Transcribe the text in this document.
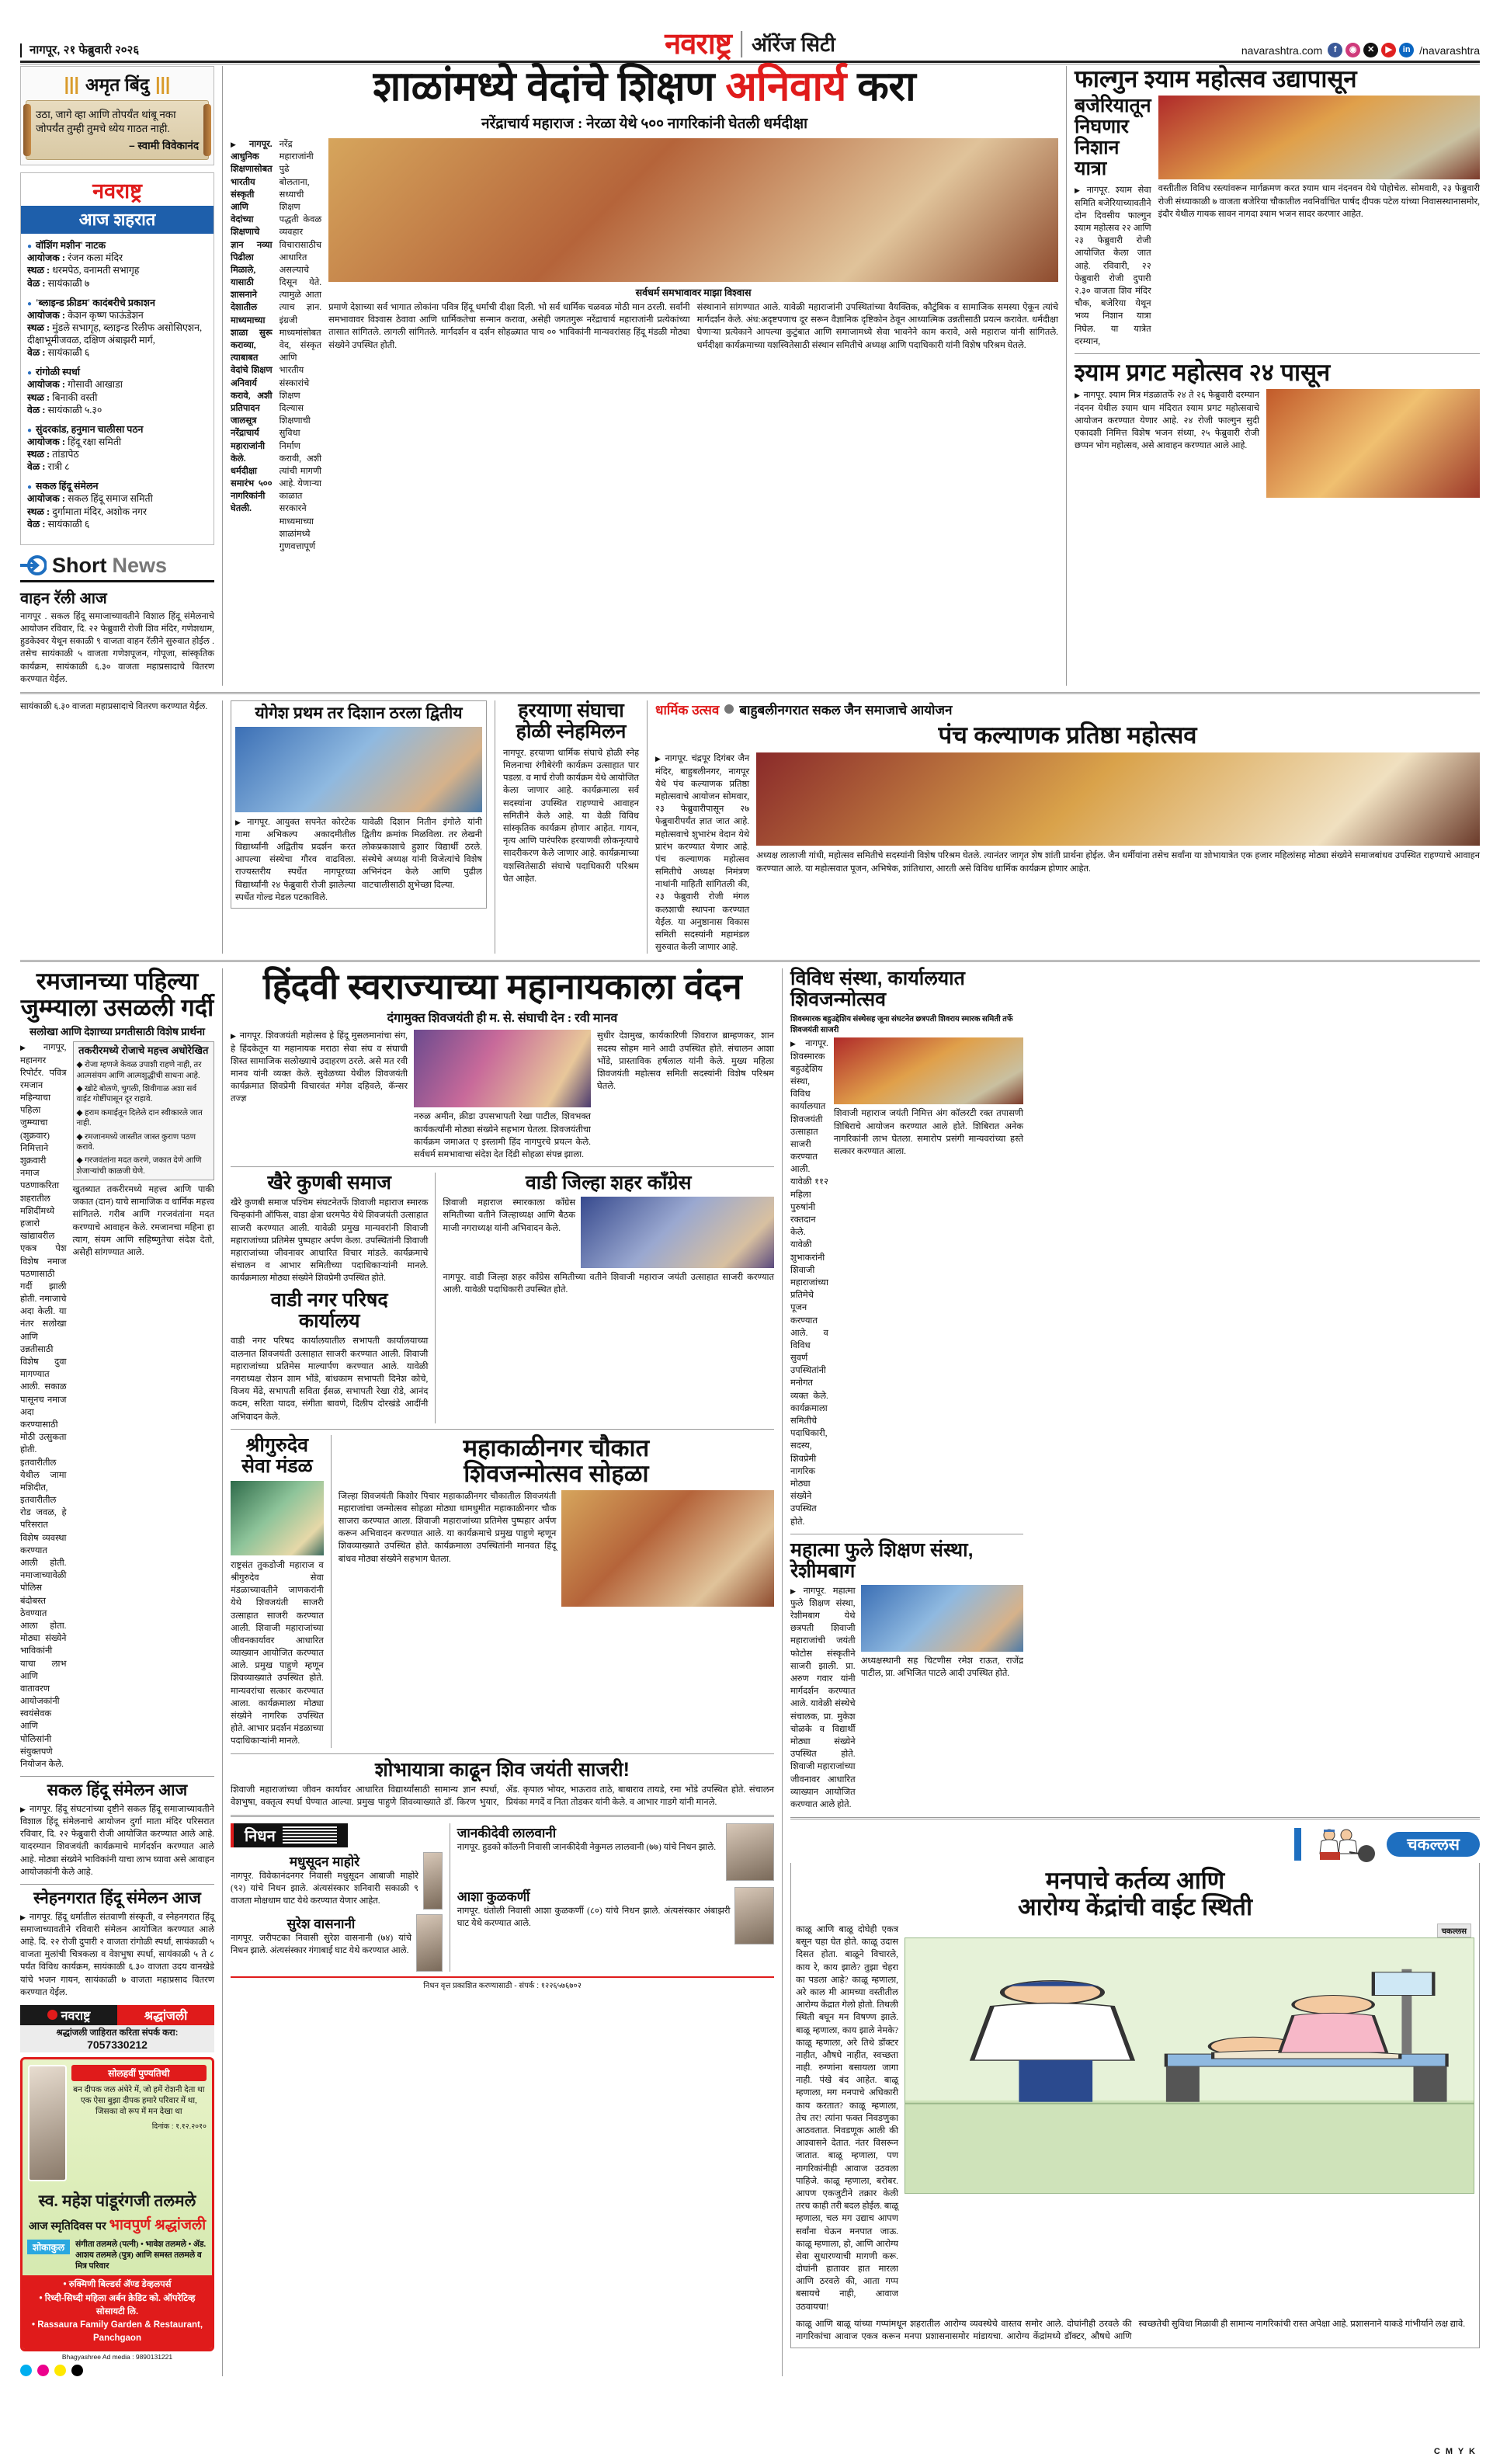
नागपूर, २१ फेब्रुवारी २०२६	नवराष्ट्र ऑरेंज सिटी	navarashtra.com	f	◉	✕	▶	in /navarashtra
||| अमृत बिंदु |||

उठा, जागे व्हा आणि तोपर्यंत थांबू नका जोपर्यंत तुम्ही तुमचे ध्येय गाठत नाही.

– स्वामी विवेकानंद
नवराष्ट्र
आज शहरात
● वॉशिंग मशीन' नाटक
आयोजक : रंजन कला मंदिर
स्थळ : धरमपेठ, वनामती सभागृह
वेळ : सायंकाळी ७
● 'ब्लाइन्ड फ्रीडम' कादंबरीचे प्रकाशन
आयोजक : केशन कृष्ण फाऊंडेशन
स्थळ : मुंडले सभागृह, ब्लाइन्ड रिलीफ असोसिएशन, दीक्षाभूमीजवळ, दक्षिण अंबाझरी मार्ग,
वेळ : सायंकाळी ६
● रांगोळी स्पर्धा
आयोजक : गोसावी आखाडा
स्थळ : बिनाकी वस्ती
वेळ : सायंकाळी ५.३०
● सुंदरकांड, हनुमान चालीसा पठन
आयोजक : हिंदू रक्षा समिती
स्थळ : तांडापेठ
वेळ : रात्री ८
● सकल हिंदू संमेलन
आयोजक : सकल हिंदू समाज समिती
स्थळ : दुर्गामाता मंदिर, अशोक नगर
वेळ : सायंकाळी ६
Short News
वाहन रॅली आज
नागपूर . सकल हिंदू समाजाच्यावतीने विशाल हिंदू संमेलनाचे आयोजन रविवार, दि. २२ फेब्रुवारी रोजी शिव मंदिर, गणेशधाम, हुडकेश्वर येथून सकाळी ९ वाजता वाहन रॅलीने सुरुवात होईल . तसेच सायंकाळी ५ वाजता गणेशपूजन, गोपूजा, सांस्कृतिक कार्यक्रम, सायंकाळी ६.३० वाजता महाप्रसादाचे वितरण करण्यात येईल.
शाळांमध्ये वेदांचे शिक्षण अनिवार्य करा
नरेंद्राचार्य महाराज : नेरळा येथे ५०० नागरिकांनी घेतली धर्मदीक्षा

▶ नागपूर. आधुनिक शिक्षणासोबत भारतीय संस्कृती आणि वेदांच्या शिक्षणाचे ज्ञान नव्या पिढीला मिळाले, यासाठी शासनाने देशातील माध्यमाच्या शाळा सुरू कराव्या, त्याबाबत वेदांचे शिक्षण अनिवार्य करावे, अशी प्रतिपादन जालसूत्र नरेंद्राचार्य महाराजांनी केले. धर्मदीक्षा समारंभ ५०० नागरिकांनी घेतली.

नरेंद्र महाराजांनी पुढे बोलताना, सध्याची शिक्षण पद्धती केवळ व्यवहार विचारासाठीच आधारित असल्याचे दिसून येते. त्यामुळे आता त्याच ज्ञान. इंग्रजी माध्यमांसोबत वेद, संस्कृत आणि भारतीय संस्कारांचे शिक्षण दिल्यास शिक्षणाची सुविधा निर्माण करावी, अशी त्यांची मागणी आहे. येणाऱ्या काळात सरकारने माध्यमाच्या शाळांमध्ये गुणवत्तापूर्ण
सर्वधर्म समभावावर माझा विश्वास
प्रमाणे देशाच्या सर्व भागात लोकांना पवित्र हिंदू धर्माची दीक्षा दिली. भो सर्व धार्मिक चळवळ मोठी मान ठरली. सर्वांनी समभावावर विश्वास ठेवावा आणि धार्मिकतेचा सन्मान करावा, असेही जगतगुरू नरेंद्राचार्य महाराजांनी प्रत्येकांच्या तासात सांगितले. लागली सांगितले. मार्गदर्शन व दर्शन सोहळ्यात पाच ०० भाविकांनी मान्यवरांसह हिंदू मंडळी मोठ्या संख्येने उपस्थित होती.
संस्थानाने सांगण्यात आले. यावेळी महाराजांनी उपस्थितांच्या वैयक्तिक, कौटुंबिक व सामाजिक समस्या ऐकून त्यांचे मार्गदर्शन केले. अंध:अदृष्टपणाच दूर सरून वैज्ञानिक दृष्टिकोन ठेवून आध्यात्मिक उन्नतीसाठी प्रयत्न करावेत. धर्मदीक्षा घेणाऱ्या प्रत्येकाने आपल्या कुटुंबात आणि समाजामध्ये सेवा भावनेने काम करावे, असे महाराज यांनी सांगितले. धर्मदीक्षा कार्यक्रमाच्या यशस्वितेसाठी संस्थान समितीचे अध्यक्ष आणि पदाधिकारी यांनी विशेष परिश्रम घेतले.
फाल्गुन श्याम महोत्सव उद्यापासून
बजेरियातून निघणार
निशान यात्रा
▶ नागपूर. श्याम सेवा समिति बजेरियाच्यावतीने दोन दिवसीय फाल्गुन श्याम महोत्सव २२ आणि २३ फेब्रुवारी रोजी आयोजित केला जात आहे. रविवारी, २२ फेब्रुवारी रोजी दुपारी २.३० वाजता शिव मंदिर चौक, बजेरिया येथून भव्य निशान यात्रा निघेल. या यात्रेत दरम्यान,
वस्तीतील विविध रस्त्यांवरून मार्गक्रमण करत श्याम धाम नंदनवन येथे पोहोचेल. सोमवारी, २३ फेब्रुवारी रोजी संध्याकाळी ७ वाजता बजेरिया चौकातील नवनिर्वाचित पार्षद दीपक पटेल यांच्या निवासस्थानासमोर, इंदौर येथील गायक सावन नागदा श्याम भजन सादर करणार आहेत.
श्याम प्रगट महोत्सव २४ पासून
▶ नागपूर. श्याम मित्र मंडळातर्फे २४ ते २६ फेब्रुवारी दरम्यान नंदनन येथील श्याम धाम मंदिरात श्याम प्रगट महोत्सवाचे आयोजन करण्यात येणार आहे. २४ रोजी फाल्गुन सुदी एकादशी निमित्त विशेष भजन संध्या, २५ फेब्रुवारी रोजी छप्पन भोग महोत्सव, असे आवाहन करण्यात आले आहे.

सायंकाळी ६.३० वाजता महाप्रसादाचे वितरण करण्यात येईल.	योगेश प्रथम तर दिशान ठरला द्वितीय
▶ नागपूर. आयुक्त सपनेत कोरटेक गामा अभिकल्प अकादमीतील विद्यार्थ्यांनी अद्वितीय प्रदर्शन करत आपल्या संस्थेचा गौरव वाढविला. राज्यस्तरीय स्पर्धेत नागपूरच्या विद्यार्थ्यांनी २४ फेब्रुवारी रोजी झालेल्या स्पर्धेत गोल्ड मेडल पटकाविले.
यावेळी दिशान नितीन इंगोले यांनी द्वितीय क्रमांक मिळविला. तर लेखनी लोकप्रकाशाचे हुशार विद्यार्थी ठरले. संस्थेचे अध्यक्ष यांनी विजेत्यांचे विशेष अभिनंदन केले आणि पुढील वाटचालीसाठी शुभेच्छा दिल्या.
हरयाणा संघाचा
होळी स्नेहमिलन
नागपूर. हरयाणा धार्मिक संघाचे होळी स्नेह मिलनाचा रंगीबेरंगी कार्यक्रम उत्साहात पार पडला. व मार्च रोजी कार्यक्रम येथे आयोजित केला जाणार आहे. कार्यक्रमाला सर्व सदस्यांना उपस्थित राहण्याचे आवाहन समितीने केले आहे. या वेळी विविध सांस्कृतिक कार्यक्रम होणार आहेत. गायन, नृत्य आणि पारंपरिक हरयाणवी लोकनृत्याचे सादरीकरण केले जाणार आहे. कार्यक्रमाच्या यशस्वितेसाठी संघाचे पदाधिकारी परिश्रम घेत आहेत.
धार्मिक उत्सव बाहुबलीनगरात सकल जैन समाजाचे आयोजन
पंच कल्याणक प्रतिष्ठा महोत्सव
▶ नागपूर. चंद्रपूर दिगंबर जैन मंदिर, बाहुबलीनगर, नागपूर येथे पंच कल्याणक प्रतिष्ठा महोत्सवाचे आयोजन सोमवार, २३ फेब्रुवारीपासून २७ फेब्रुवारीपर्यंत ज्ञात जात आहे. महोत्सवाचे शुभारंभ वेदान येथे प्रारंभ करण्यात येणार आहे. पंच कल्याणक महोत्सव समितीचे अध्यक्ष निमंत्रण नाथांनी माहिती सांगितली की, २३ फेब्रुवारी रोजी मंगल कलशाची स्थापना करण्यात येईल. या अनुष्ठानास विकास समिती सदस्यांनी महामंडल सुरुवात केली जाणार आहे.
अध्यक्ष लालाजी गांधी, महोत्सव समितीचे सदस्यांनी विशेष परिश्रम घेतले. त्यानंतर जागृत शेष शांती प्रार्थना होईल. जैन धर्मीयांना तसेच सर्वांना या शोभायात्रेत एक हजार महिलांसह मोठ्या संख्येने समाजबांधव उपस्थित राहण्याचे आवाहन करण्यात आले. या महोत्सवात पूजन, अभिषेक, शांतिधारा, आरती असे विविध धार्मिक कार्यक्रम होणार आहेत.
रमजानच्या पहिल्या
जुम्म्याला उसळली गर्दी
सलोखा आणि देशाच्या प्रगतीसाठी विशेष प्रार्थना
▶ नागपूर, महानगर रिपोर्टर. पवित्र रमजान महिन्याचा पहिला जुम्म्याचा (शुक्रवार) निमित्ताने शुक्रवारी नमाज पठणाकरिता शहरातील मशिदींमध्ये हजारो खांद्यावरील एकत्र पेश विशेष नमाज पठणासाठी गर्दी झाली होती. नमाजाचे अदा केली. या नंतर सलोखा आणि उन्नतीसाठी विशेष दुवा मागण्यात आली. सकाळ पासूनच नमाज अदा करण्यासाठी मोठी उत्सुकता होती. इतवारीतील येथील जामा मशिदीत, इतवारीतील रोड जवळ, हे परिसरात विशेष व्यवस्था करण्यात आली होती. नमाजाच्यावेळी पोलिस बंदोबस्त ठेवण्यात आला होता. मोठ्या संख्येने भाविकांनी याचा लाभ आणि वातावरण आयोजकांनी स्वयंसेवक आणि पोलिसांनी संयुक्तपणे नियोजन केले.
तकरीरमध्ये रोजाचे महत्त्व अधोरेखित
◆ रोजा म्हणजे केवळ उपाशी राहणे नाही, तर आत्मसंयम आणि आत्मशुद्धीची साधना आहे.
◆ खोटे बोलणे, चुगली, शिवीगाळ अशा सर्व वाईट गोष्टींपासून दूर राहावे.
◆ हराम कमाईतून दिलेले दान स्वीकारले जात नाही.
◆ रमजानमध्ये जास्तीत जास्त कुराण पठण करावे.
◆ गरजवंतांना मदत करणे, जकात देणे आणि शेजाऱ्यांची काळजी घेणे.
खुतब्यात तकरीरमध्ये महत्त्व आणि पाकी जकात (दान) याचे सामाजिक व धार्मिक महत्त्व सांगितले. गरीब आणि गरजवंतांना मदत करण्याचे आवाहन केले. रमजानचा महिना हा त्याग, संयम आणि सहिष्णुतेचा संदेश देतो, असेही सांगण्यात आले.
सकल हिंदू संमेलन आज
▶ नागपूर. हिंदू संघटनांच्या दृष्टीने सकल हिंदू समाजाच्यावतीने विशाल हिंदू संमेलनाचे आयोजन दुर्गा माता मंदिर परिसरात रविवार, दि. २२ फेब्रुवारी रोजी आयोजित करण्यात आले आहे. यादरम्यान शिवजयंती कार्यक्रमाचे मार्गदर्शन करण्यात आले आहे. मोठ्या संख्येने भाविकांनी याचा लाभ घ्यावा असे आवाहन आयोजकांनी केले आहे.
स्नेहनगरात हिंदू संमेलन आज
▶ नागपूर. हिंदू धर्मातील संतवाणी संस्कृती, व स्नेहनगरात हिंदू समाजाच्यावतीने रविवारी संमेलन आयोजित करण्यात आले आहे. दि. २२ रोजी दुपारी २ वाजता रांगोळी स्पर्धा, सायंकाळी ५ वाजता मुलांची चित्रकला व वेशभुषा स्पर्धा, सायंकाळी ५ ते ८ पर्यंत विविध कार्यक्रम, सायंकाळी ६.३० वाजता उदय वानखेडे यांचे भजन गायन, सायंकाळी ७ वाजता महाप्रसाद वितरण करण्यात येईल.
नवराष्ट्र	श्रद्धांजली
श्रद्धांजली जाहिरात करिता संपर्क करा:
7057330212
सोलहवीं पुण्यतिथी
बन दीपक जल अंधेरे में, जो हमें रोशनी देता था एक ऐसा बुझा दीपक हमारे परिवार में था, जिसका वो रूप में मन देखा था
दिनांक : १.१२.२०१०
स्व. महेश पांडूरंगजी तलमले
आज स्मृतिदिवस पर भावपुर्ण श्रद्धांजली
शोकाकुल	संगीता तलमले (पत्नी) • भावेश तलमले • ॲड. आशय तलमले (पुत्र) आणि समस्त तलमले व मित्र परिवार
• रुक्मिणी बिल्डर्स ॲण्ड डेव्हलपर्स
• रिध्दी-सिध्दी महिला अर्बन क्रेडिट को. ऑपरेटिव्ह सोसायटी लि.
• Rassaura Family Garden & Restaurant, Panchgaon
Bhagyashree Ad media : 9890131221
हिंदवी स्वराज्याच्या महानायकाला वंदन
दंगामुक्त शिवजयंती ही म. से. संघाची देन : रवी मानव
▶ नागपूर. शिवजयंती महोत्सव हे हिंदू मुसलमानांचा संग, हे हिंदकेतून या महानायक मराठा सेवा संघ व संघाची शिस्त सामाजिक सलोख्याचे उदाहरण ठरले. असे मत रवी मानव यांनी व्यक्त केले. सुवेळच्या येथील शिवजयंती कार्यक्रमात शिवप्रेमी विचारवंत मंगेश दहिवले, कॅन्सर तज्ज्ञ
नरुळ अमीन, क्रीडा उपसभापती रेखा पाटील, शिवभक्त कार्यकर्त्यांनी मोठ्या संख्येने सहभाग घेतला. शिवजयंतीचा कार्यक्रम जमाअत ए इस्लामी हिंद नागपुरचे प्रयत्न केले. सर्वधर्म समभावाचा संदेश देत दिंडी सोहळा संपन्न झाला.
सुधीर देशमुख, कार्यकारिणी शिवराज ब्राम्हणकर, शान सदस्य सोहम माने आदी उपस्थित होते. संचालन आशा भोंडे, प्रास्ताविक हर्षलाल यांनी केले. मुख्य महिला शिवजयंती महोत्सव समिती सदस्यांनी विशेष परिश्रम घेतले.
खैरे कुणबी समाज
खैरे कुणबी समाज पश्चिम संघटनेतर्फे शिवाजी महाराज स्मारक चिन्हकांनी ऑफिस, वाडा क्षेत्रा धरमपेठ येथे शिवजयंती उत्साहात साजरी करण्यात आली. यावेळी प्रमुख मान्यवरांनी शिवाजी महाराजांच्या प्रतिमेस पुष्पहार अर्पण केला. उपस्थितांनी शिवाजी महाराजांच्या जीवनावर आधारित विचार मांडले. कार्यक्रमाचे संचालन व आभार समितीच्या पदाधिकाऱ्यांनी मानले. कार्यक्रमाला मोठ्या संख्येने शिवप्रेमी उपस्थित होते.
वाडी नगर परिषद
कार्यालय
वाडी नगर परिषद कार्यालयातील सभापती कार्यालयाच्या दालनात शिवजयंती उत्साहात साजरी करण्यात आली. शिवाजी महाराजांच्या प्रतिमेस माल्यार्पण करण्यात आले. यावेळी नगराध्यक्ष रोशन शाम भोंडे, बांधकाम सभापती दिनेश कोचे, विजय मेंढे, सभापती सविता ईसळ, सभापती रेखा रोडे, आनंद कदम, सरिता यादव, संगीता बावणे, दिलीप दोरखंडे आदींनी अभिवादन केले.
वाडी जिल्हा शहर काँग्रेस
शिवाजी महाराज स्मारकाला काँग्रेस समितीच्या वतीने जिल्हाध्यक्ष आणि बैठक माजी नगराध्यक्ष यांनी अभिवादन केले.
नागपूर. वाडी जिल्हा शहर काँग्रेस समितीच्या वतीने शिवाजी महाराज जयंती उत्साहात साजरी करण्यात आली. यावेळी पदाधिकारी उपस्थित होते.
श्रीगुरुदेव सेवा मंडळ
राष्ट्रसंत तुकडोजी महाराज व श्रीगुरुदेव सेवा मंडळाच्यावतीने जाणकरांनी येथे शिवजयंती साजरी उत्साहात साजरी करण्यात आली. शिवाजी महाराजांच्या जीवनकार्यावर आधारित व्याख्यान आयोजित करण्यात आले. प्रमुख पाहुणे म्हणून शिवव्याख्याते उपस्थित होते. मान्यवरांचा सत्कार करण्यात आला. कार्यक्रमाला मोठ्या संख्येने नागरिक उपस्थित होते. आभार प्रदर्शन मंडळाच्या पदाधिकाऱ्यांनी मानले.
महाकाळीनगर चौकात
शिवजन्मोत्सव सोहळा
जिल्हा शिवजयंती किशोर पिचार महाकाळीनगर चौकातील शिवजयंती महाराजांचा जन्मोत्सव सोहळा मोठ्या धामधुमीत महाकाळीनगर चौक साजरा करण्यात आला. शिवाजी महाराजांच्या प्रतिमेस पुष्पहार अर्पण करून अभिवादन करण्यात आले. या कार्यक्रमाचे प्रमुख पाहुणे म्हणून शिवव्याख्याते उपस्थित होते. कार्यक्रमाला उपस्थितांनी मानवत हिंदू बांधव मोठ्या संख्येने सहभाग घेतला.
शोभायात्रा काढून शिव जयंती साजरी!
शिवाजी महाराजांच्या जीवन कार्यावर आधारित विद्यार्थ्यांसाठी सामान्य ज्ञान स्पर्धा, वेशभुषा, वक्तृत्व स्पर्धा घेण्यात आल्या. प्रमुख पाहुणे शिवव्याख्याते डॉ. किरण भुयार, ॲड. कृपाल भोयर, भाऊराव ताठे, बाबाराव तायडे, रमा भोंडे उपस्थित होते. संचालन प्रियंका मगदें व निता तोडकर यांनी केले. व आभार गाडगे यांनी मानले.
निधन
मधुसूदन माहोरे
नागपूर. विवेकानंदनगर निवासी मधुसूदन आबाजी माहोरे (९२) यांचे निधन झाले. अंत्यसंस्कार शनिवारी सकाळी ९ वाजता मोक्षधाम घाट येथे करण्यात येणार आहेत.
सुरेश वासनानी
नागपूर. जरीपटका निवासी सुरेश वासनानी (७४) यांचे निधन झाले. अंत्यसंस्कार गंगाबाई घाट येथे करण्यात आले.
जानकीदेवी लालवानी
नागपूर. हुडको कॉलनी निवासी जानकीदेवी नेकुमल लालवानी (७७) यांचे निधन झाले.
आशा कुळकर्णी
नागपूर. धंतोली निवासी आशा कुळकर्णी (८०) यांचे निधन झाले. अंत्यसंस्कार अंबाझरी घाट येथे करण्यात आले.
निधन वृत्त प्रकाशित करण्यासाठी - संपर्क : १२२६५७६७०२
विविध संस्था, कार्यालयात शिवजन्मोत्सव
शिवस्मारक बहुउद्देशिय संस्थेसह जूना संघटनेत छत्रपती शिवराय स्मारक समिती तर्फे शिवजयंती साजरी
▶ नागपूर. शिवस्मारक बहुउद्देशिय संस्था, विविध कार्यालयात शिवजयंती उत्साहात साजरी करण्यात आली. यावेळी ११२ महिला पुरुषांनी रक्तदान केले. यावेळी शुभाकरांनी शिवाजी महाराजांच्या प्रतिमेचे पूजन करण्यात आले. व विविध सुवर्ण उपस्थितांनी मनोगत व्यक्त केले. कार्यक्रमाला समितीचे पदाधिकारी, सदस्य, शिवप्रेमी नागरिक मोठ्या संख्येने उपस्थित होते.
शिवाजी महाराज जयंती निमित्त अंग कॉलरटी रक्त तपासणी शिबिराचे आयोजन करण्यात आले होते. शिबिरात अनेक नागरिकांनी लाभ घेतला. समारोप प्रसंगी मान्यवरांच्या हस्ते सत्कार करण्यात आला.
महात्मा फुले शिक्षण संस्था, रेशीमबाग
▶ नागपूर. महात्मा फुले शिक्षण संस्था, रेशीमबाग येथे छत्रपती शिवाजी महाराजांची जयंती फोटोस संस्कृतीने साजरी झाली. प्रा. अरुण गवार यांनी मार्गदर्शन करण्यात आले. यावेळी संस्थेचे संचालक, प्रा. मुकेश चोळके व विद्यार्थी मोठ्या संख्येने उपस्थित होते. शिवाजी महाराजांच्या जीवनावर आधारित व्याख्यान आयोजित करण्यात आले होते.
अध्यक्षस्थानी सह चिटणीस रमेश राऊत, राजेंद्र पाटील, प्रा. अभिजित पाटले आदी उपस्थित होते.
चकल्लस
मनपाचे कर्तव्य आणि
आरोग्य केंद्रांची वाईट स्थिती
काळू आणि बाळू दोघेही एकत्र बसून चहा घेत होते. काळू उदास दिसत होता. बाळूने विचारले, काय रे, काय झाले? तुझा चेहरा का पडला आहे? काळू म्हणाला, अरे काल मी आमच्या वस्तीतील आरोग्य केंद्रात गेलो होतो. तिथली स्थिती बघून मन विषण्ण झाले. बाळू म्हणाला, काय झाले नेमके? काळू म्हणाला, अरे तिथे डॉक्टर नाहीत, औषधे नाहीत, स्वच्छता नाही. रुग्णांना बसायला जागा नाही. पंखे बंद आहेत. बाळू म्हणाला, मग मनपाचे अधिकारी काय करतात? काळू म्हणाला, तेच तर! त्यांना फक्त निवडणुका आठवतात. निवडणूक आली की आश्वासने देतात. नंतर विसरून जातात. बाळू म्हणाला, पण नागरिकांनीही आवाज उठवला पाहिजे. काळू म्हणाला, बरोबर. आपण एकजुटीने तक्रार केली तरच काही तरी बदल होईल. बाळू म्हणाला, चल मग उद्याच आपण सर्वांना घेऊन मनपात जाऊ. काळू म्हणाला, हो, आणि आरोग्य सेवा सुधारण्याची मागणी करू. दोघांनी हातावर हात मारला आणि ठरवले की, आता गप्प बसायचे नाही, आवाज उठवायचा!
चकल्लस

काळू आणि बाळू यांच्या गप्पांमधून शहरातील आरोग्य व्यवस्थेचे वास्तव समोर आले. दोघांनीही ठरवले की नागरिकांचा आवाज एकत्र करून मनपा प्रशासनासमोर मांडायचा. आरोग्य केंद्रांमध्ये डॉक्टर, औषधे आणि स्वच्छतेची सुविधा मिळावी ही सामान्य नागरिकांची रास्त अपेक्षा आहे. प्रशासनाने याकडे गांभीर्याने लक्ष द्यावे.

C M Y K
